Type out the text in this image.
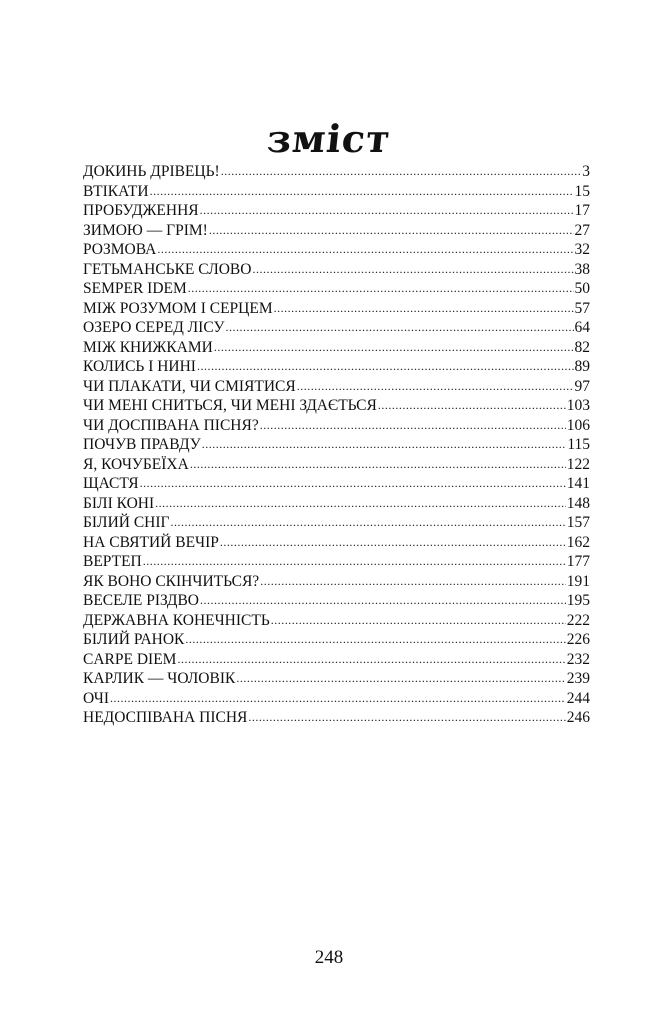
зміст
ДОКИНЬ ДРІВЕЦЬ! .....	3
ВТІКАТИ .....	15
ПРОБУДЖЕННЯ .....	17
ЗИМОЮ — ГРІМ! .....	27
РОЗМОВА .....	32
ГЕТЬМАНСЬКЕ СЛОВО .....	38
SEMPER IDEM .....	50
МІЖ РОЗУМОМ І СЕРЦЕМ .....	57
ОЗЕРО СЕРЕД ЛІСУ .....	64
МІЖ КНИЖКАМИ .....	82
КОЛИСЬ І НИНІ .....	89
ЧИ ПЛАКАТИ, ЧИ СМІЯТИСЯ .....	97
ЧИ МЕНІ СНИТЬСЯ, ЧИ МЕНІ ЗДАЄТЬСЯ .....	103
ЧИ ДОСПІВАНА ПІСНЯ? .....	106
ПОЧУВ ПРАВДУ .....	115
Я, КОЧУБЕЇХА .....	122
ЩАСТЯ .....	141
БІЛІ КОНІ .....	148
БІЛИЙ СНІГ .....	157
НА СВЯТИЙ ВЕЧІР .....	162
ВЕРТЕП .....	177
ЯК ВОНО СКІНЧИТЬСЯ? .....	191
ВЕСЕЛЕ РІЗДВО .....	195
ДЕРЖАВНА КОНЕЧНІСТЬ .....	222
БІЛИЙ РАНОК .....	226
CARPE DIEM .....	232
КАРЛИК — ЧОЛОВІК .....	239
ОЧІ .....	244
НЕДОСПІВАНА ПІСНЯ .....	246
248
